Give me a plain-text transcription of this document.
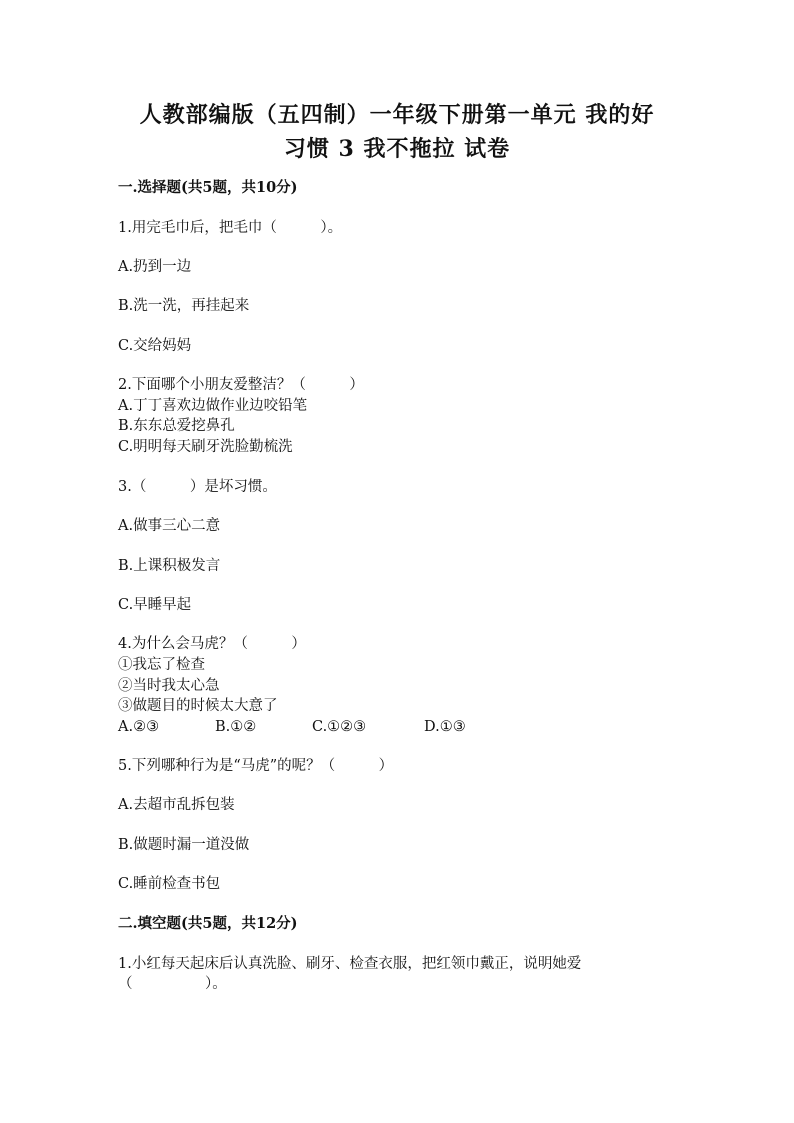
人教部编版（五四制）一年级下册第一单元 我的好
习惯 3 我不拖拉 试卷
一.选择题(共5题，共10分)
1.用完毛巾后，把毛巾（　　　）。
A.扔到一边
B.洗一洗，再挂起来
C.交给妈妈
2.下面哪个小朋友爱整洁？（　　　）
A.丁丁喜欢边做作业边咬铅笔
B.东东总爱挖鼻孔
C.明明每天刷牙洗脸勤梳洗
3.（　　　）是坏习惯。
A.做事三心二意
B.上课积极发言
C.早睡早起
4.为什么会马虎？（　　　）
①我忘了检查
②当时我太心急
③做题目的时候太大意了
A.②③	B.①②	C.①②③	D.①③
5.下列哪种行为是“马虎”的呢？（　　　）
A.去超市乱拆包装
B.做题时漏一道没做
C.睡前检查书包
二.填空题(共5题，共12分)
1.小红每天起床后认真洗脸、刷牙、检查衣服，把红领巾戴正，说明她爱
（　　　　　）。
